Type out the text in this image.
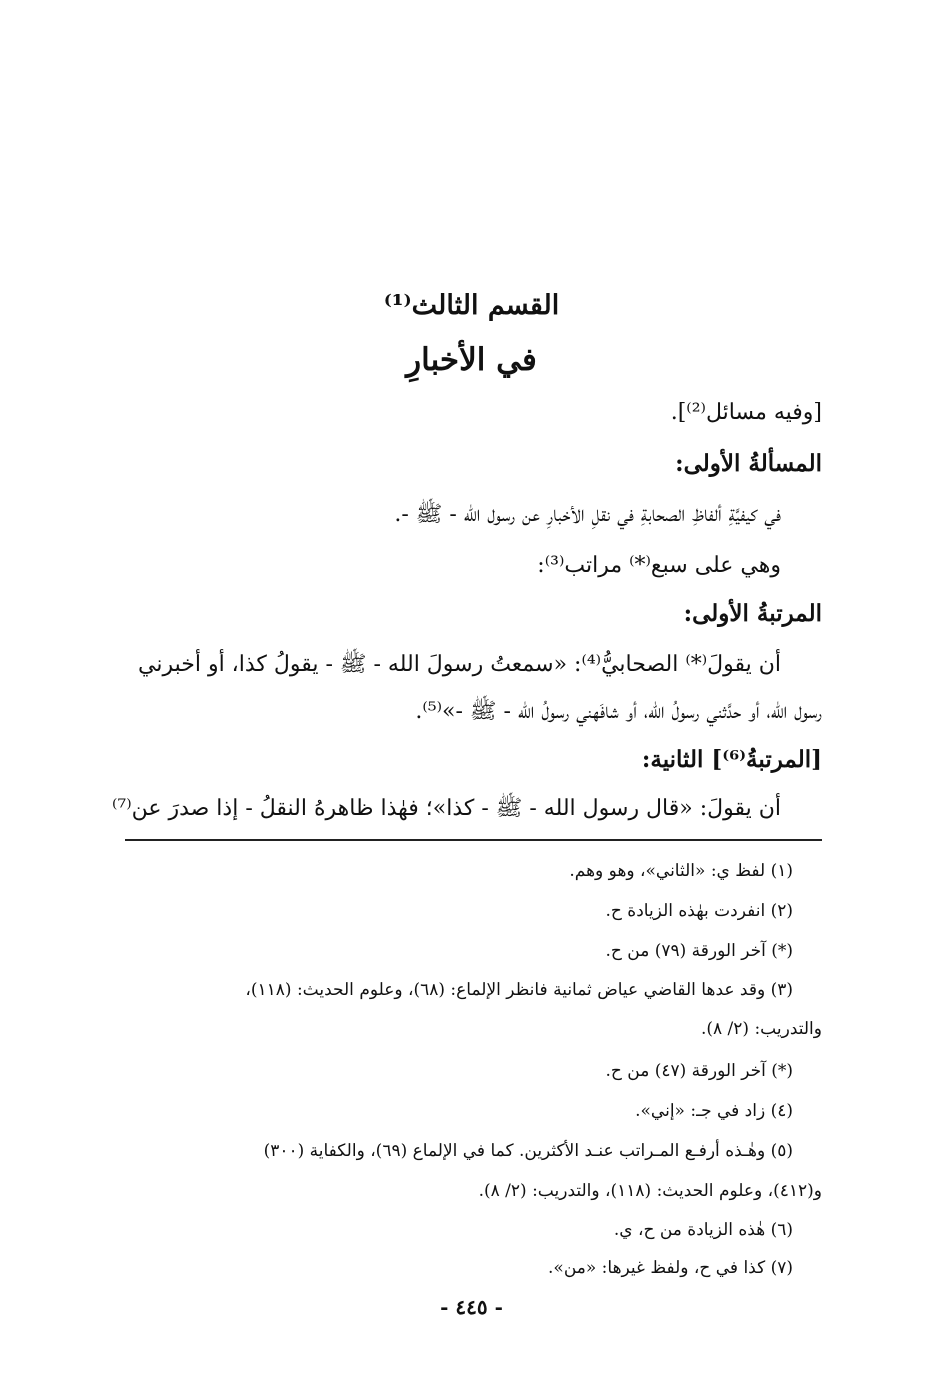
القسم الثالث⁽¹⁾
في الأخبارِ
[وفيه مسائل⁽²⁾].
المسألةُ الأولى:
في كيفيَّةِ ألفاظِ الصحابةِ في نقلِ الأخبارِ عن رسول الله - ﷺ -.
وهي على سبع⁽*⁾ مراتب⁽³⁾:
المرتبةُ الأولى:
أن يقولَ⁽*⁾ الصحابيُّ⁽⁴⁾: «سمعتُ رسولَ الله - ﷺ - يقولُ كذا، أو أخبرني
رسول الله، أو حدَّثني رسولُ الله، أو شافَهني رسولُ الله - ﷺ -»⁽⁵⁾.
[المرتبةُ⁽⁶⁾] الثانية:
أن يقولَ: «قال رسول الله - ﷺ - كذا»؛ فهٰذا ظاهرهُ النقلُ - إذا صدرَ عن⁽⁷⁾
(١) لفظ ي: «الثاني»، وهو وهم.
(٢) انفردت بهٰذه الزيادة ح.
(*) آخر الورقة (٧٩) من ح.
(٣) وقد عدها القاضي عياض ثمانية فانظر الإلماع: (٦٨)، وعلوم الحديث: (١١٨)،
والتدريب: (٢/ ٨).
(*) آخر الورقة (٤٧) من ح.
(٤) زاد في جـ: «إني».
(٥) وهٰـذه أرفـع المـراتب عنـد الأكثرين. كما في الإلماع (٦٩)، والكفاية (٣٠٠)
و(٤١٢)، وعلوم الحديث: (١١٨)، والتدريب: (٢/ ٨).
(٦) هٰذه الزيادة من ح، ي.
(٧) كذا في ح، ولفظ غيرها: «من».
- ٤٤٥ -
